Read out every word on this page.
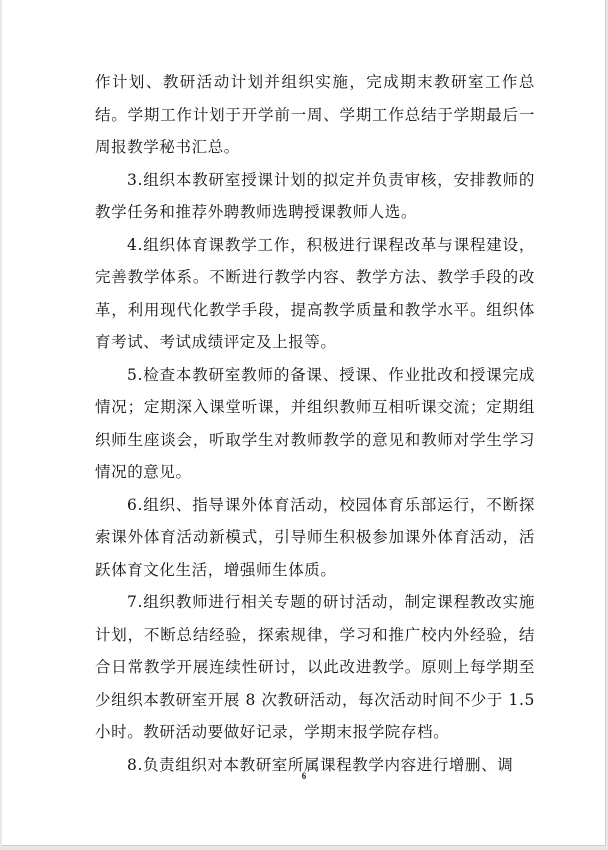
作计划、教研活动计划并组织实施，完成期末教研室工作总结。学期工作计划于开学前一周、学期工作总结于学期最后一周报教学秘书汇总。

3.组织本教研室授课计划的拟定并负责审核，安排教师的教学任务和推荐外聘教师选聘授课教师人选。

4.组织体育课教学工作，积极进行课程改革与课程建设，完善教学体系。不断进行教学内容、教学方法、教学手段的改革，利用现代化教学手段，提高教学质量和教学水平。组织体育考试、考试成绩评定及上报等。

5.检查本教研室教师的备课、授课、作业批改和授课完成情况；定期深入课堂听课，并组织教师互相听课交流；定期组织师生座谈会，听取学生对教师教学的意见和教师对学生学习情况的意见。

6.组织、指导课外体育活动，校园体育乐部运行，不断探索课外体育活动新模式，引导师生积极参加课外体育活动，活跃体育文化生活，增强师生体质。

7.组织教师进行相关专题的研讨活动，制定课程教改实施计划，不断总结经验，探索规律，学习和推广校内外经验，结合日常教学开展连续性研讨，以此改进教学。原则上每学期至少组织本教研室开展 8 次教研活动，每次活动时间不少于 1.5 小时。教研活动要做好记录，学期末报学院存档。

8.负责组织对本教研室所属课程教学内容进行增删、调

6
